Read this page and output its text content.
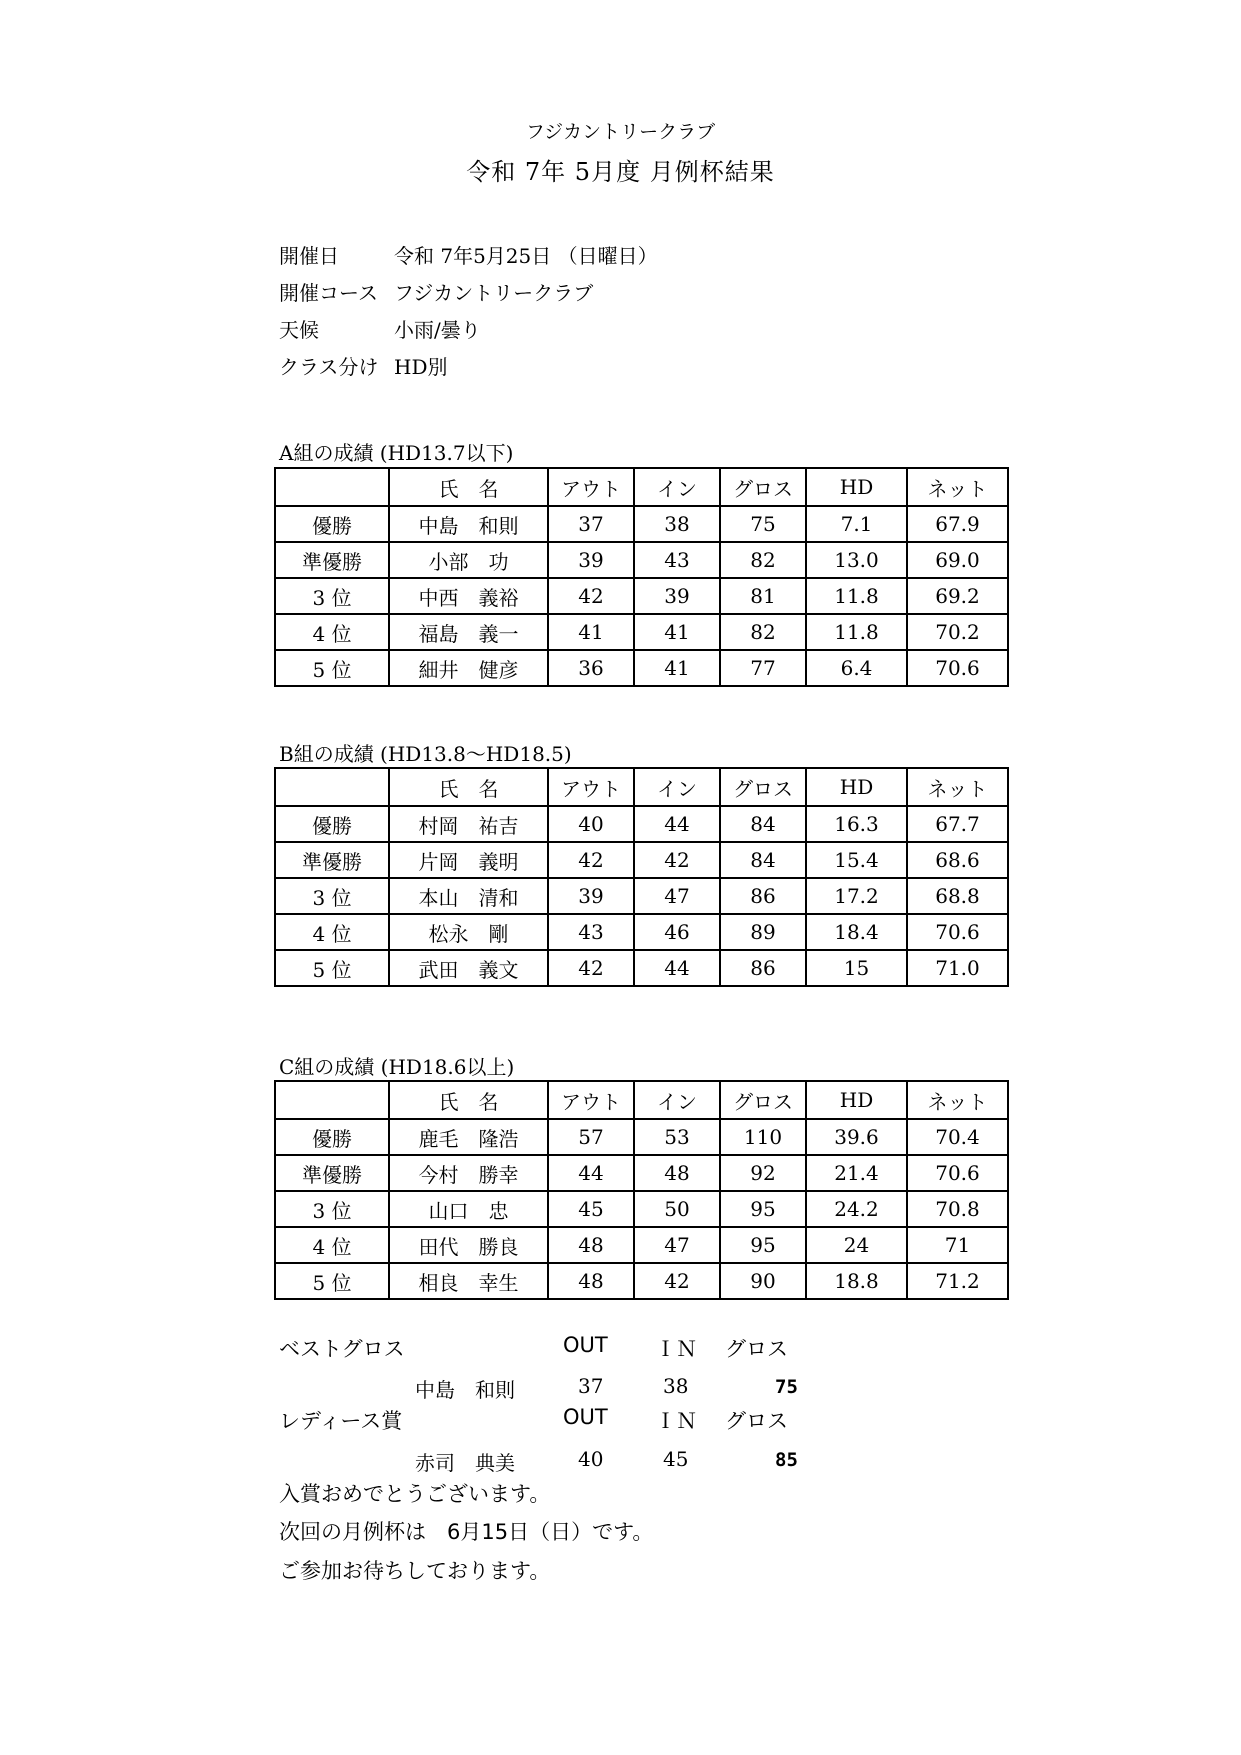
フジカントリークラブ
令和 7年 5月度 月例杯結果
開催日	令和 7年5月25日 （日曜日）
開催コース フジカントリークラブ
天候	小雨/曇り
クラス分け HD別
A組の成績 (HD13.7以下)
	氏　名	アウト	イン	グロス	HD	ネット
優勝	中島　和則	37	38	75	7.1	67.9
準優勝	小部　功	39	43	82	13.0	69.0
3 位	中西　義裕	42	39	81	11.8	69.2
4 位	福島　義一	41	41	82	11.8	70.2
5 位	細井　健彦	36	41	77	6.4	70.6
B組の成績 (HD13.8～HD18.5)
	氏　名	アウト	イン	グロス	HD	ネット
優勝	村岡　祐吉	40	44	84	16.3	67.7
準優勝	片岡　義明	42	42	84	15.4	68.6
3 位	本山　清和	39	47	86	17.2	68.8
4 位	松永　剛	43	46	89	18.4	70.6
5 位	武田　義文	42	44	86	15	71.0
C組の成績 (HD18.6以上)
	氏　名	アウト	イン	グロス	HD	ネット
優勝	鹿毛　隆浩	57	53	110	39.6	70.4
準優勝	今村　勝幸	44	48	92	21.4	70.6
3 位	山口　忠	45	50	95	24.2	70.8
4 位	田代　勝良	48	47	95	24	71
5 位	相良　幸生	48	42	90	18.8	71.2
ベストグロス	OUT ＩＮ グロス
中島　和則	37	38	75
レディース賞	OUT ＩＮ グロス
赤司　典美	40	45	85
入賞おめでとうございます。
次回の月例杯は　6月15日（日）です。
ご参加お待ちしております。
